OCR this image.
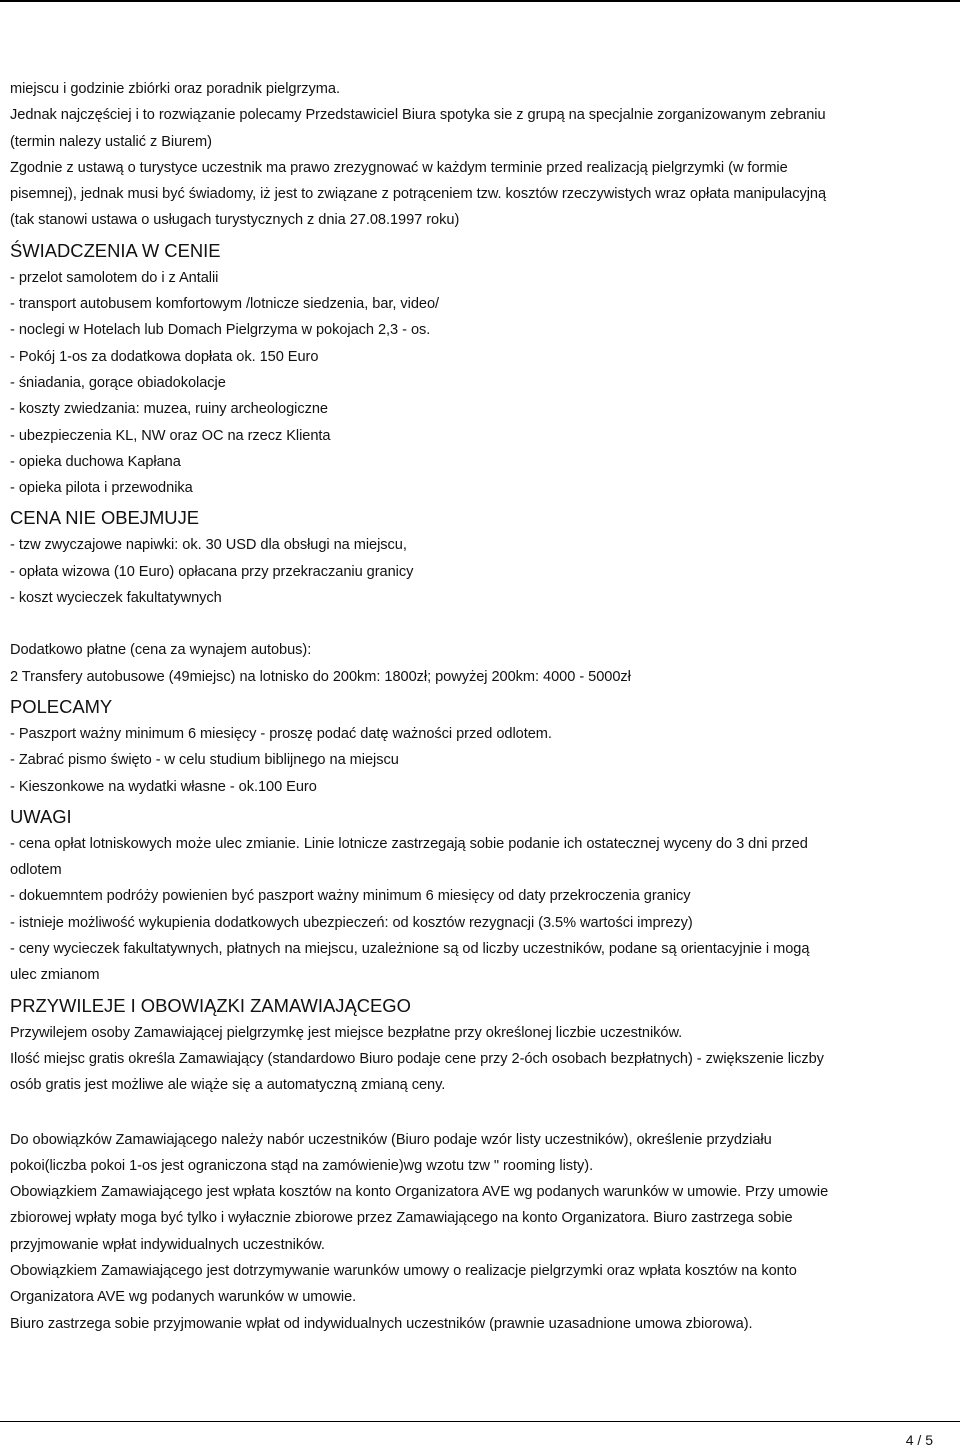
miejscu i godzinie zbiórki oraz poradnik pielgrzyma.

Jednak najczęściej i to rozwiązanie polecamy Przedstawiciel Biura spotyka sie z grupą na specjalnie zorganizowanym zebraniu

(termin nalezy ustalić z Biurem)

Zgodnie z ustawą o turystyce uczestnik ma prawo zrezygnować w każdym terminie przed realizacją pielgrzymki (w formie

pisemnej), jednak musi być świadomy, iż jest to związane z potrąceniem tzw. kosztów rzeczywistych wraz opłata manipulacyjną

(tak stanowi ustawa o usługach turystycznych z dnia 27.08.1997 roku)

ŚWIADCZENIA W CENIE

- przelot samolotem do i z Antalii

- transport autobusem komfortowym /lotnicze siedzenia, bar, video/

- noclegi w Hotelach lub Domach Pielgrzyma w pokojach 2,3 - os.

- Pokój 1-os za dodatkowa dopłata ok. 150 Euro

- śniadania, gorące obiadokolacje

- koszty zwiedzania: muzea, ruiny archeologiczne

- ubezpieczenia KL, NW oraz OC na rzecz Klienta

- opieka duchowa Kapłana

- opieka pilota i przewodnika

CENA NIE OBEJMUJE

- tzw zwyczajowe napiwki: ok. 30 USD dla obsługi na miejscu,

- opłata wizowa (10 Euro) opłacana przy przekraczaniu granicy

- koszt wycieczek fakultatywnych

Dodatkowo płatne (cena za wynajem autobus):

2 Transfery autobusowe (49miejsc) na lotnisko do 200km: 1800zł; powyżej 200km: 4000 - 5000zł

POLECAMY

- Paszport ważny minimum 6 miesięcy - proszę podać datę ważności przed odlotem.

- Zabrać pismo święto - w celu studium biblijnego na miejscu

- Kieszonkowe na wydatki własne - ok.100 Euro

UWAGI

- cena opłat lotniskowych może ulec zmianie. Linie lotnicze zastrzegają sobie podanie ich ostatecznej wyceny do 3 dni przed

odlotem

- dokuemntem podróży powienien być paszport ważny minimum 6 miesięcy od daty przekroczenia granicy

- istnieje możliwość wykupienia dodatkowych ubezpieczeń: od kosztów rezygnacji (3.5% wartości imprezy)

- ceny wycieczek fakultatywnych, płatnych na miejscu, uzależnione są od liczby uczestników, podane są orientacyjnie i mogą

ulec zmianom

PRZYWILEJE I OBOWIĄZKI ZAMAWIAJĄCEGO

Przywilejem osoby Zamawiającej pielgrzymkę jest miejsce bezpłatne przy określonej liczbie uczestników.

Ilość miejsc gratis określa Zamawiający (standardowo Biuro podaje cene przy 2-óch osobach bezpłatnych) - zwiększenie liczby

osób gratis jest możliwe ale wiąże się a automatyczną zmianą ceny.

Do obowiązków Zamawiającego należy nabór uczestników (Biuro podaje wzór listy uczestników), określenie przydziału

pokoi(liczba pokoi 1-os jest ograniczona stąd na zamówienie)wg wzotu tzw " rooming listy).

Obowiązkiem Zamawiającego jest wpłata kosztów na konto Organizatora AVE wg podanych warunków w umowie. Przy umowie

zbiorowej wpłaty moga być tylko i wyłacznie zbiorowe przez Zamawiającego na konto Organizatora. Biuro zastrzega sobie

przyjmowanie wpłat indywidualnych uczestników.

Obowiązkiem Zamawiającego jest dotrzymywanie warunków umowy o realizacje pielgrzymki oraz wpłata kosztów na konto

Organizatora AVE wg podanych warunków w umowie.

Biuro zastrzega sobie przyjmowanie wpłat od indywidualnych uczestników (prawnie uzasadnione umowa zbiorowa).

4 / 5
